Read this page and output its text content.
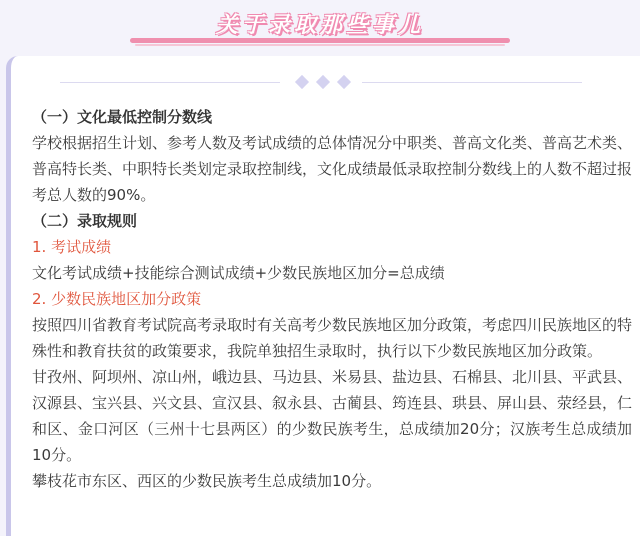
关于录取那些事儿

（一）文化最低控制分数线

学校根据招生计划、参考人数及考试成绩的总体情况分中职类、普高文化类、普高艺术类、普高特长类、中职特长类划定录取控制线，文化成绩最低录取控制分数线上的人数不超过报考总人数的90%。

（二）录取规则

1. 考试成绩

文化考试成绩+技能综合测试成绩+少数民族地区加分=总成绩

2. 少数民族地区加分政策

按照四川省教育考试院高考录取时有关高考少数民族地区加分政策，考虑四川民族地区的特殊性和教育扶贫的政策要求，我院单独招生录取时，执行以下少数民族地区加分政策。

甘孜州、阿坝州、凉山州，峨边县、马边县、米易县、盐边县、石棉县、北川县、平武县、汉源县、宝兴县、兴文县、宣汉县、叙永县、古蔺县、筠连县、珙县、屏山县、荥经县，仁和区、金口河区（三州十七县两区）的少数民族考生，总成绩加20分；汉族考生总成绩加10分。

攀枝花市东区、西区的少数民族考生总成绩加10分。
